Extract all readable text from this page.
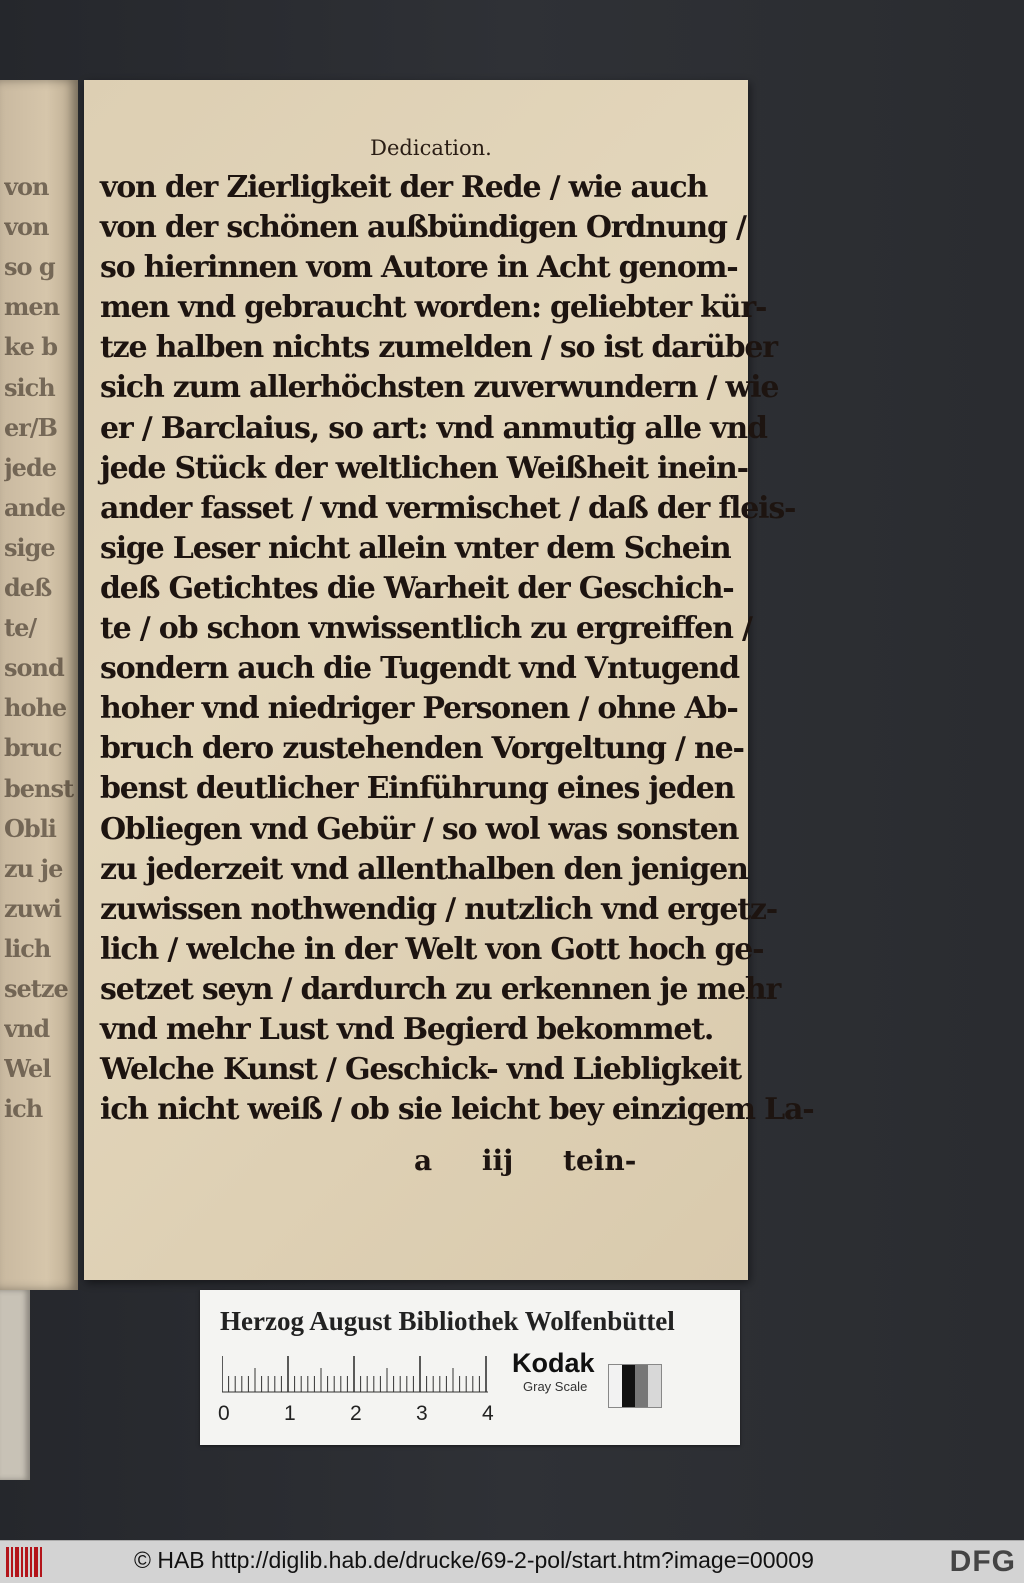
von
von
so g
men
ke b
sich
er/B
jede
ande
sige
deß
te/
sond
hohe
bruc
benst
Obli
zu je
zuwi
lich
setze
vnd
Wel
ich
Dedication.
von der Zierligkeit der Rede / wie auch
von der schönen außbündigen Ordnung /
so hierinnen vom Autore in Acht genom-
men vnd gebraucht worden: geliebter kür-
tze halben nichts zumelden / so ist darüber
sich zum allerhöchsten zuverwundern / wie
er / Barclaius, so art: vnd anmutig alle vnd
jede Stück der weltlichen Weißheit inein-
ander fasset / vnd vermischet / daß der fleis-
sige Leser nicht allein vnter dem Schein
deß Getichtes die Warheit der Geschich-
te / ob schon vnwissentlich zu ergreiffen /
sondern auch die Tugendt vnd Vntugend
hoher vnd niedriger Personen / ohne Ab-
bruch dero zustehenden Vorgeltung / ne-
benst deutlicher Einführung eines jeden
Obliegen vnd Gebür / so wol was sonsten
zu jederzeit vnd allenthalben den jenigen
zuwissen nothwendig / nutzlich vnd ergetz-
lich / welche in der Welt von Gott hoch ge-
setzet seyn / dardurch zu erkennen je mehr
vnd mehr Lust vnd Begierd bekommet.
Welche Kunst / Geschick- vnd Liebligkeit
ich nicht weiß / ob sie leicht bey einzigem La-
a iij tein-
Herzog August Bibliothek Wolfenbüttel
0	1	2	3	4
Kodak
Gray Scale
© HAB http://diglib.hab.de/drucke/69-2-pol/start.htm?image=00009	DFG
